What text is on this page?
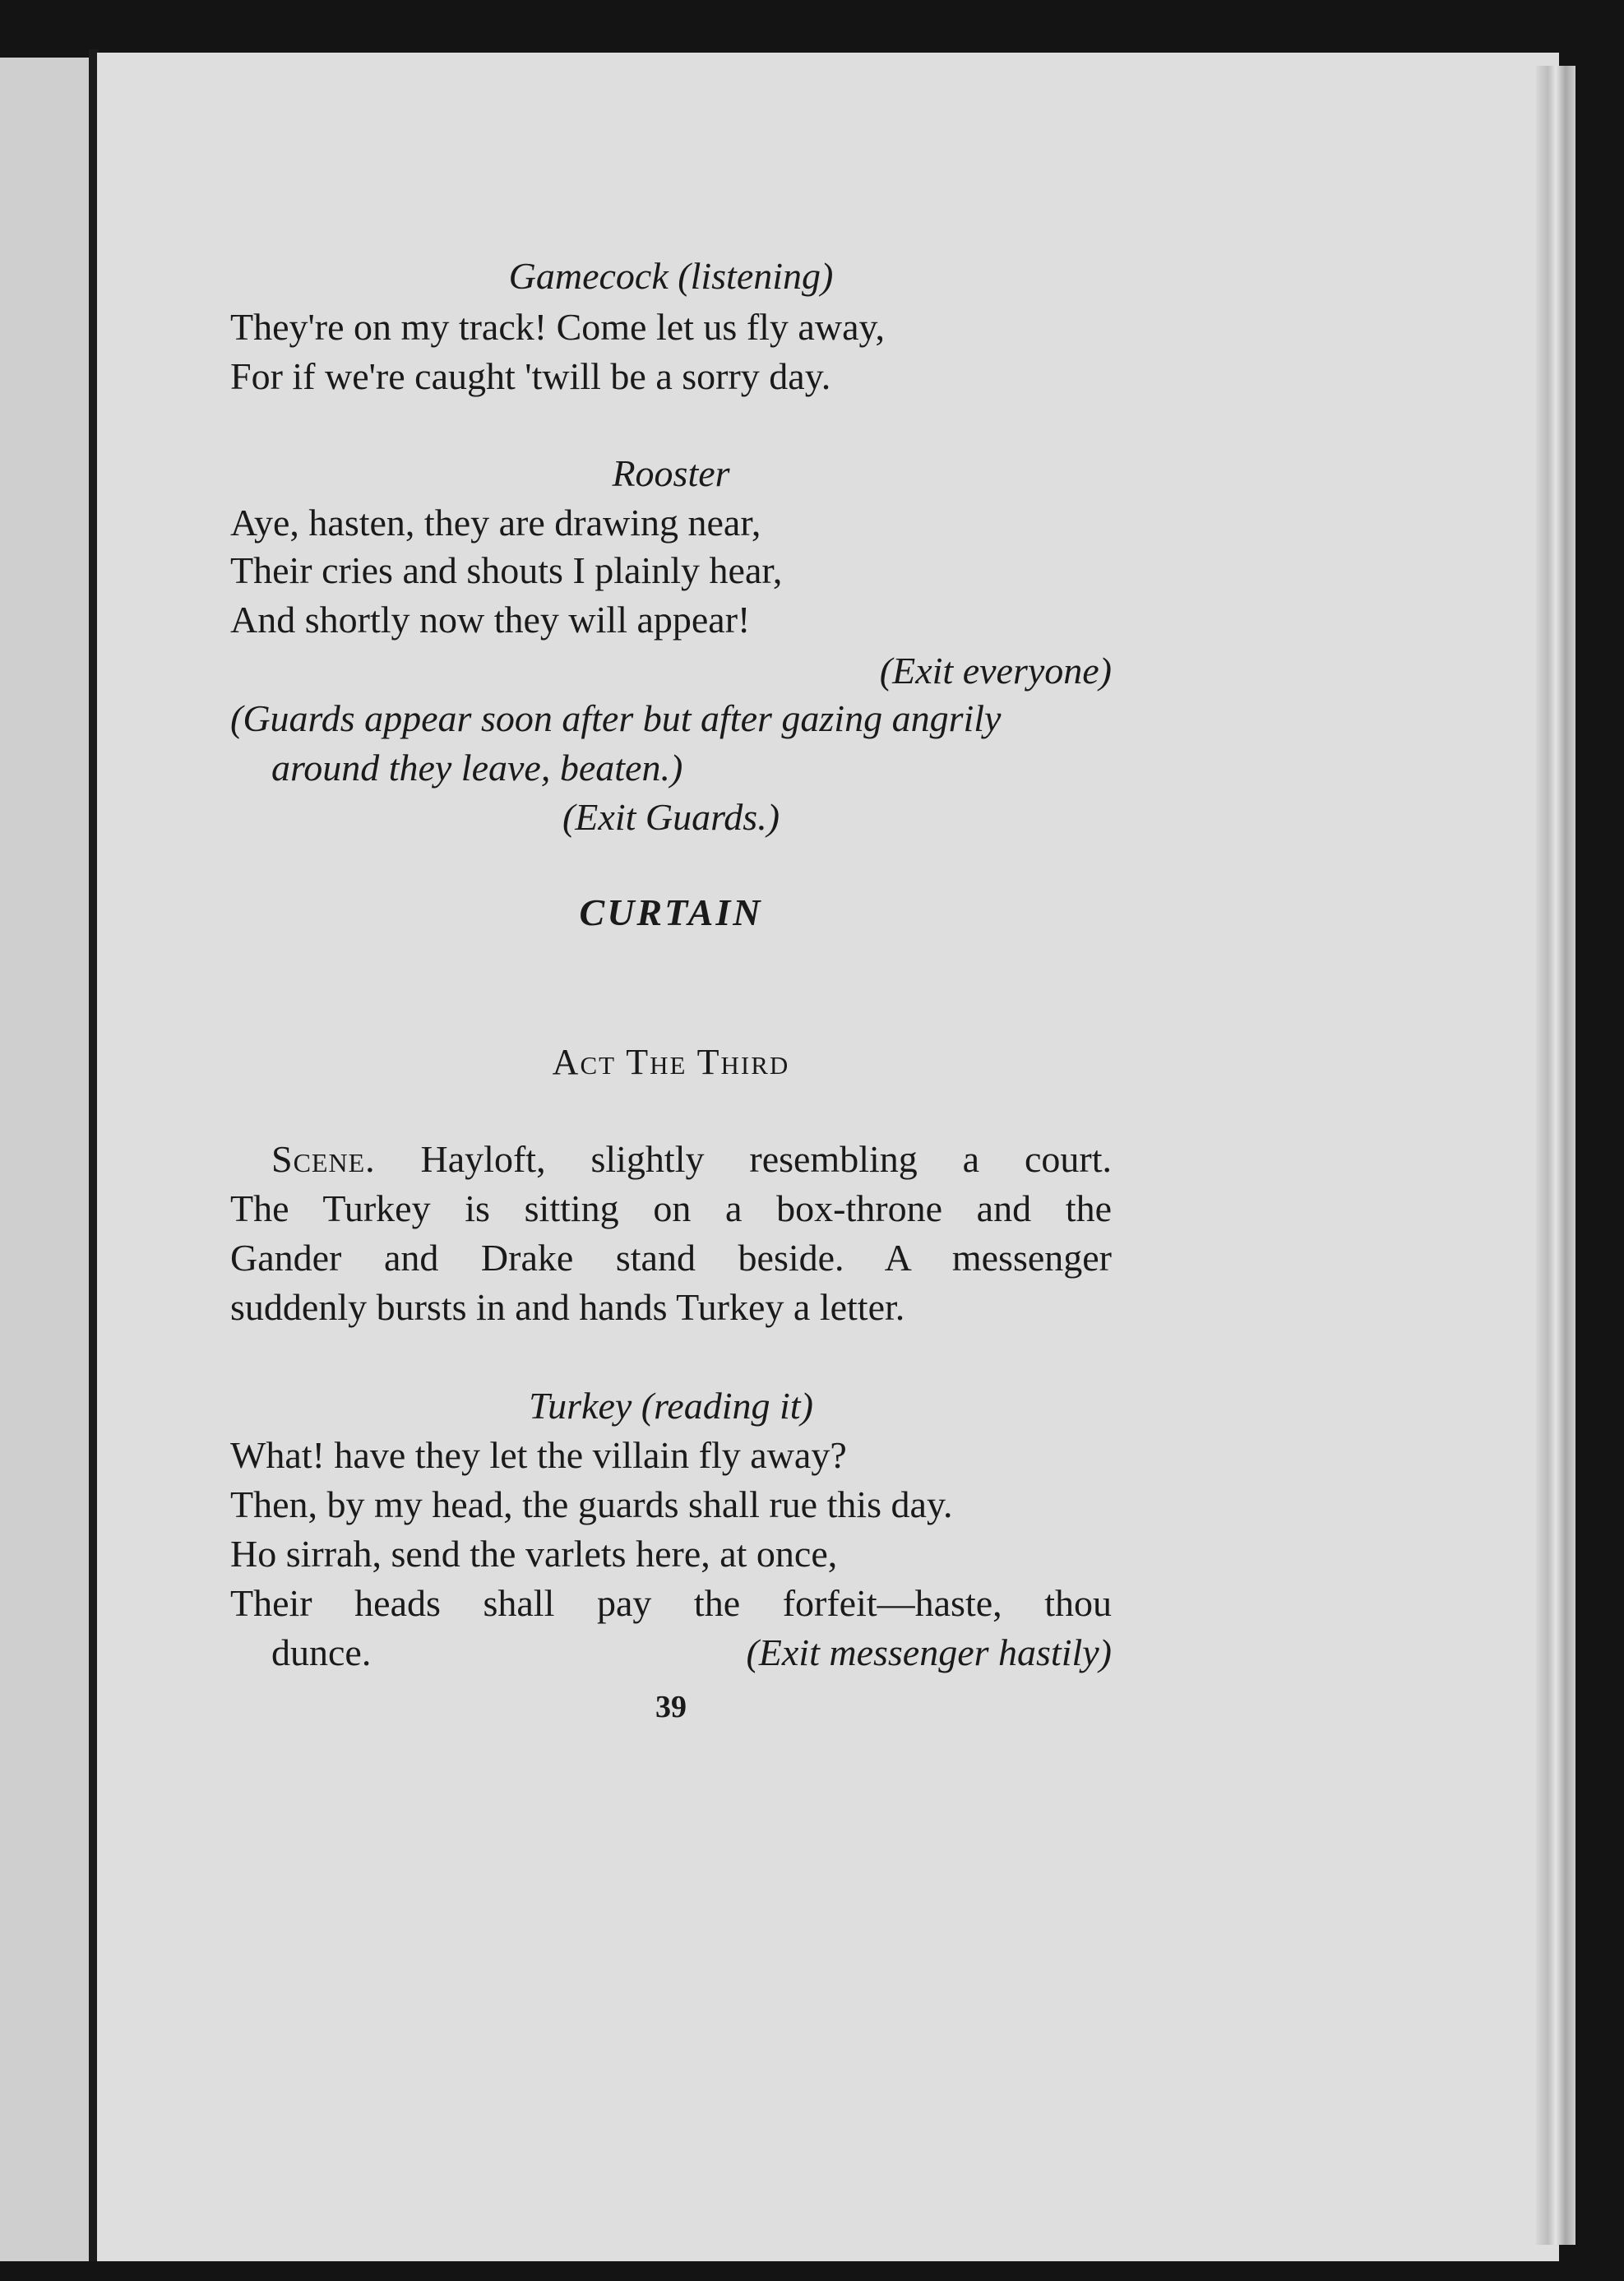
Gamecock (listening)
They're on my track! Come let us fly away,
For if we're caught 'twill be a sorry day.
Rooster
Aye, hasten, they are drawing near,
Their cries and shouts I plainly hear,
And shortly now they will appear!
(Exit everyone)
(Guards appear soon after but after gazing angrily
around they leave, beaten.)
(Exit Guards.)
CURTAIN
Act The Third
Scene. Hayloft, slightly resembling a court.
The Turkey is sitting on a box-throne and the
Gander and Drake stand beside. A messenger
suddenly bursts in and hands Turkey a letter.
Turkey (reading it)
What! have they let the villain fly away?
Then, by my head, the guards shall rue this day.
Ho sirrah, send the varlets here, at once,
Their heads shall pay the forfeit—haste, thou
dunce.	(Exit messenger hastily)
39
